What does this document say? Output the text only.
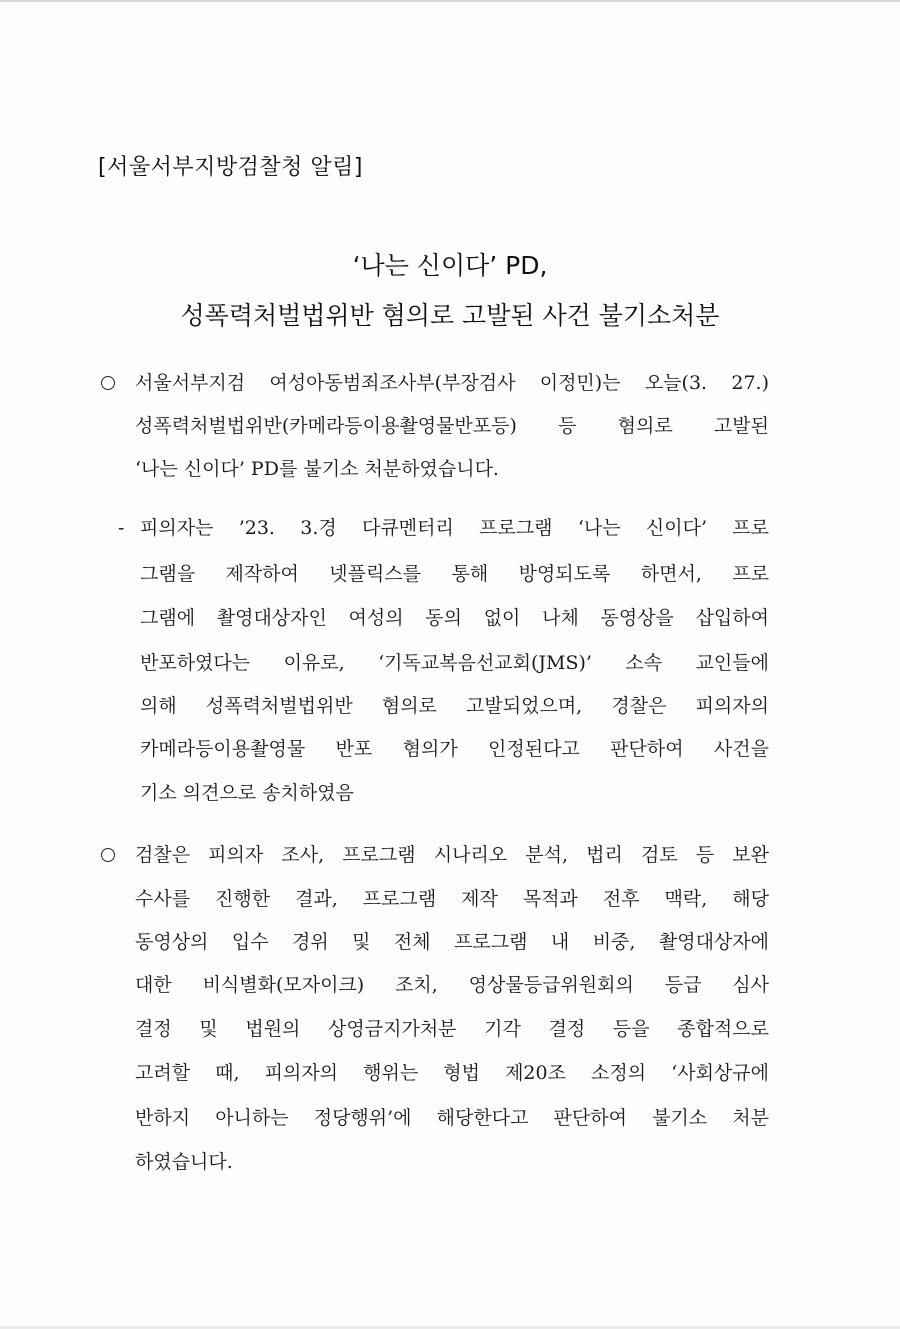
[서울서부지방검찰청 알림]
‘나는 신이다’ PD,
성폭력처벌법위반 혐의로 고발된 사건 불기소처분
서울서부지검 여성아동범죄조사부(부장검사 이정민)는 오늘(3. 27.)
성폭력처벌법위반(카메라등이용촬영물반포등) 등 혐의로 고발된
‘나는 신이다’ PD를 불기소 처분하였습니다.
- 피의자는 ’23. 3.경 다큐멘터리 프로그램 ‘나는 신이다’ 프로
그램을 제작하여 넷플릭스를 통해 방영되도록 하면서, 프로
그램에 촬영대상자인 여성의 동의 없이 나체 동영상을 삽입하여
반포하였다는 이유로, ‘기독교복음선교회(JMS)’ 소속 교인들에
의해 성폭력처벌법위반 혐의로 고발되었으며, 경찰은 피의자의
카메라등이용촬영물 반포 혐의가 인정된다고 판단하여 사건을
기소 의견으로 송치하였음
검찰은 피의자 조사, 프로그램 시나리오 분석, 법리 검토 등 보완
수사를 진행한 결과, 프로그램 제작 목적과 전후 맥락, 해당
동영상의 입수 경위 및 전체 프로그램 내 비중, 촬영대상자에
대한 비식별화(모자이크) 조치, 영상물등급위원회의 등급 심사
결정 및 법원의 상영금지가처분 기각 결정 등을 종합적으로
고려할 때, 피의자의 행위는 형법 제20조 소정의 ‘사회상규에
반하지 아니하는 정당행위’에 해당한다고 판단하여 불기소 처분
하였습니다.
